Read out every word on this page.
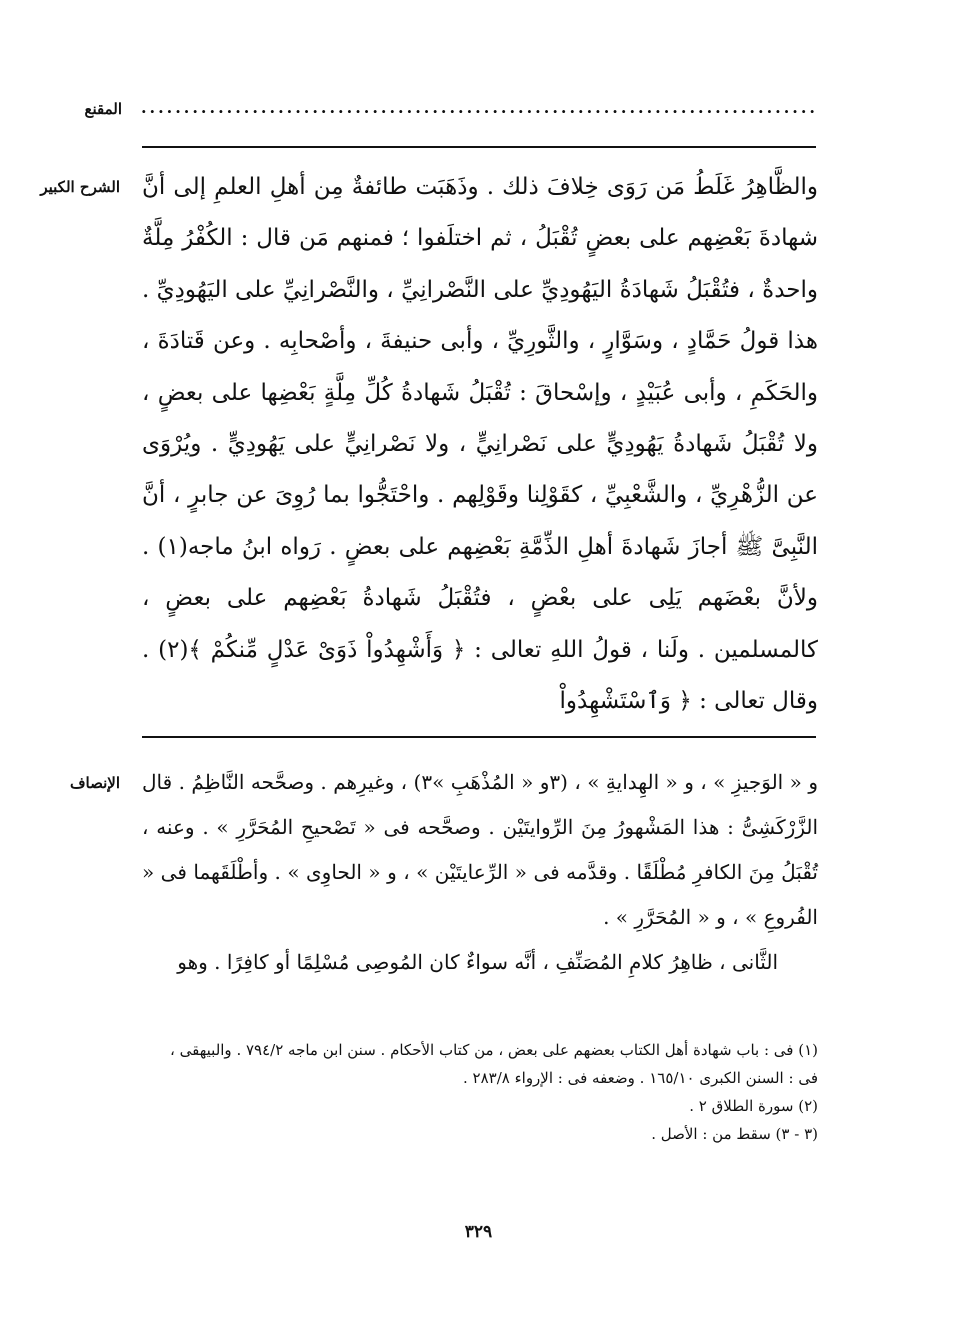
المقنع ...............................................................................
الشرح الكبير والظَّاهِرُ غَلَطُ مَن رَوَى خِلافَ ذلك . وذَهَبَت طائفةٌ مِن أهلِ العلمِ إلى أنَّ شهادةَ بَعْضِهم على بعضٍ تُقْبَلُ ، ثم اختلَفوا ؛ فمنهم مَن قال : الكُفْرُ مِلَّةٌ واحدةٌ ، فتُقْبَلُ شَهادَةُ اليَهُودِيِّ على النَّصْرانِيِّ ، والنَّصْرانِيِّ على اليَهُودِيِّ . هذا قولُ حَمَّادٍ ، وسَوَّارٍ ، والثَّورِيِّ ، وأبى حنيفةَ ، وأصْحابِه . وعن قَتادَةَ ، والحَكَمِ ، وأبى عُبَيْدٍ ، وإسْحاقَ : تُقْبَلُ شَهادةُ كُلِّ مِلَّةٍ بَعْضِها على بعضٍ ، ولا تُقْبَلُ شَهادةُ يَهُودِيٍّ على نَصْرانِيٍّ ، ولا نَصْرانِيٍّ على يَهُودِيٍّ . ويُرْوَى عن الزُّهْرِيِّ ، والشَّعْبِيِّ ، كقَوْلِنا وقَوْلِهم . واحْتَجُّوا بما رُوِىَ عن جابرٍ ، أنَّ النَّبِىَّ ﷺ أجازَ شَهادةَ أهلِ الذِّمَّةِ بَعْضِهم على بعضٍ . رَواه ابنُ ماجه(١) . ولأنَّ بعْضَهم يَلِى على بعْضٍ ، فتُقْبَلُ شَهادةُ بَعْضِهم على بعضٍ ، كالمسلمين . ولَنا ، قولُ اللهِ تعالى : ﴿ وَأَشْهِدُواْ ذَوَىْ عَدْلٍ مِّنكُمْ ﴾(٢) . وقال تعالى : ﴿ وَٱسْتَشْهِدُواْ

الإنصاف و « الوَجيزِ » ، و « الهِدايةِ » ، (٣و « المُذْهَبِ »٣) ، وغيرِهم . وصحَّحه النَّاظِمُ . قال الزَّرْكَشِىُّ : هذا المَشْهورُ مِنَ الرِّوايتَيْن . وصحَّحه فى « تَصْحيحِ المُحَرَّرِ » . وعنه ، تُقْبَلُ مِنَ الكافرِ مُطْلَقًا . وقدَّمه فى « الرِّعايتَيْن » ، و « الحاوِى » . وأطْلَقَهما فى « الفُروعِ » ، و « المُحَرَّرِ » .

الثَّانى ، ظاهِرُ كلامِ المُصَنِّفِ ، أنَّه سواءٌ كان المُوصِى مُسْلِمًا أو كافِرًا . وهو

(١) فى : باب شهادة أهل الكتاب بعضهم على بعض ، من كتاب الأحكام . سنن ابن ماجه ٧٩٤/٢ . والبيهقى ،
فى : السنن الكبرى ١٦٥/١٠ . وضعفه فى : الإرواء ٢٨٣/٨ .
(٢) سورة الطلاق ٢ .
(٣ - ٣) سقط من : الأصل .
٣٢٩
